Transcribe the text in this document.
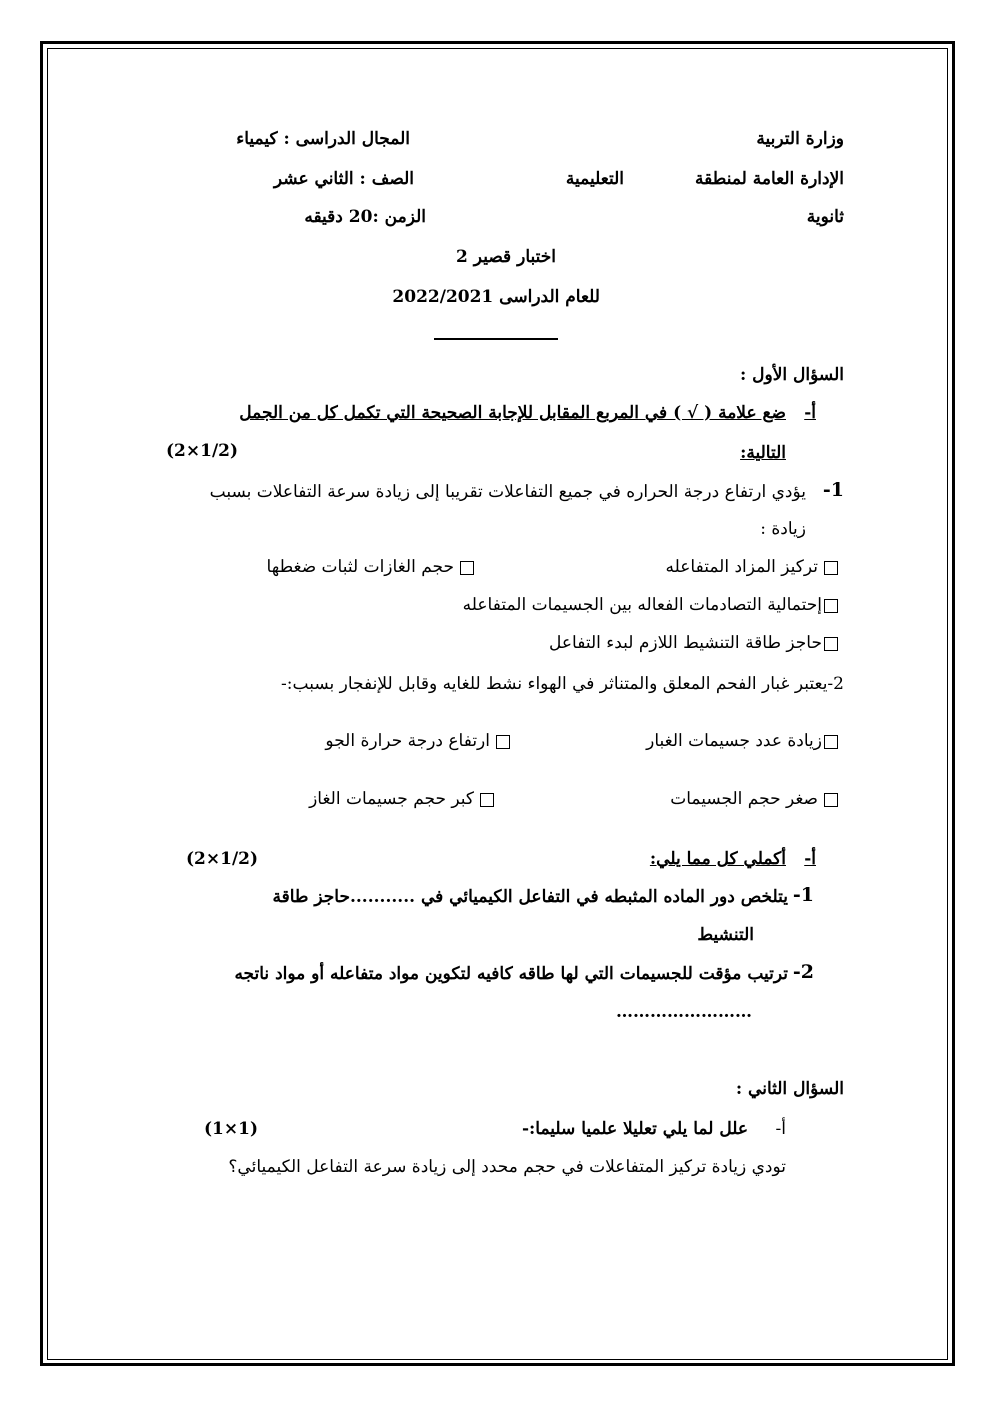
وزارة التربية
الإدارة العامة لمنطقة
التعليمية
ثانوية
المجال الدراسى : كيمياء
الصف : الثاني عشر
الزمن :20 دقيقه
اختبار قصير 2
للعام الدراسى 2022/2021
السؤال الأول :
أ-
ضع علامة ( √ ) في المربع المقابل للإجابة الصحيحة التي تكمل كل من الجمل
التالية:
(2×1/2)
1-
يؤدي ارتفاع درجة الحراره في جميع التفاعلات تقريبا إلى زيادة سرعة التفاعلات بسبب
زيادة :
تركيز المزاد المتفاعله
حجم الغازات لثبات ضغطها
إحتمالية التصادمات الفعاله بين الجسيمات المتفاعله
حاجز طاقة التنشيط اللازم لبدء التفاعل
2-يعتبر غبار الفحم المعلق والمتناثر في الهواء نشط للغايه وقابل للإنفجار بسبب:-
زيادة عدد جسيمات الغبار
ارتفاع درجة حرارة الجو
صغر حجم الجسيمات
كبر حجم جسيمات الغاز
أ-
أكملي كل مما يلي:
(2×1/2)
1-
يتلخص دور الماده المثبطه في التفاعل الكيميائي في ...........حاجز طاقة
التنشيط
2-
ترتيب مؤقت للجسيمات التي لها طاقه كافيه لتكوين مواد متفاعله أو مواد ناتجه
……………………
السؤال الثاني :
أ-
علل لما يلي تعليلا علميا سليما:-
(1×1)
تودي زيادة تركيز المتفاعلات في حجم محدد إلى زيادة سرعة التفاعل الكيميائي؟
